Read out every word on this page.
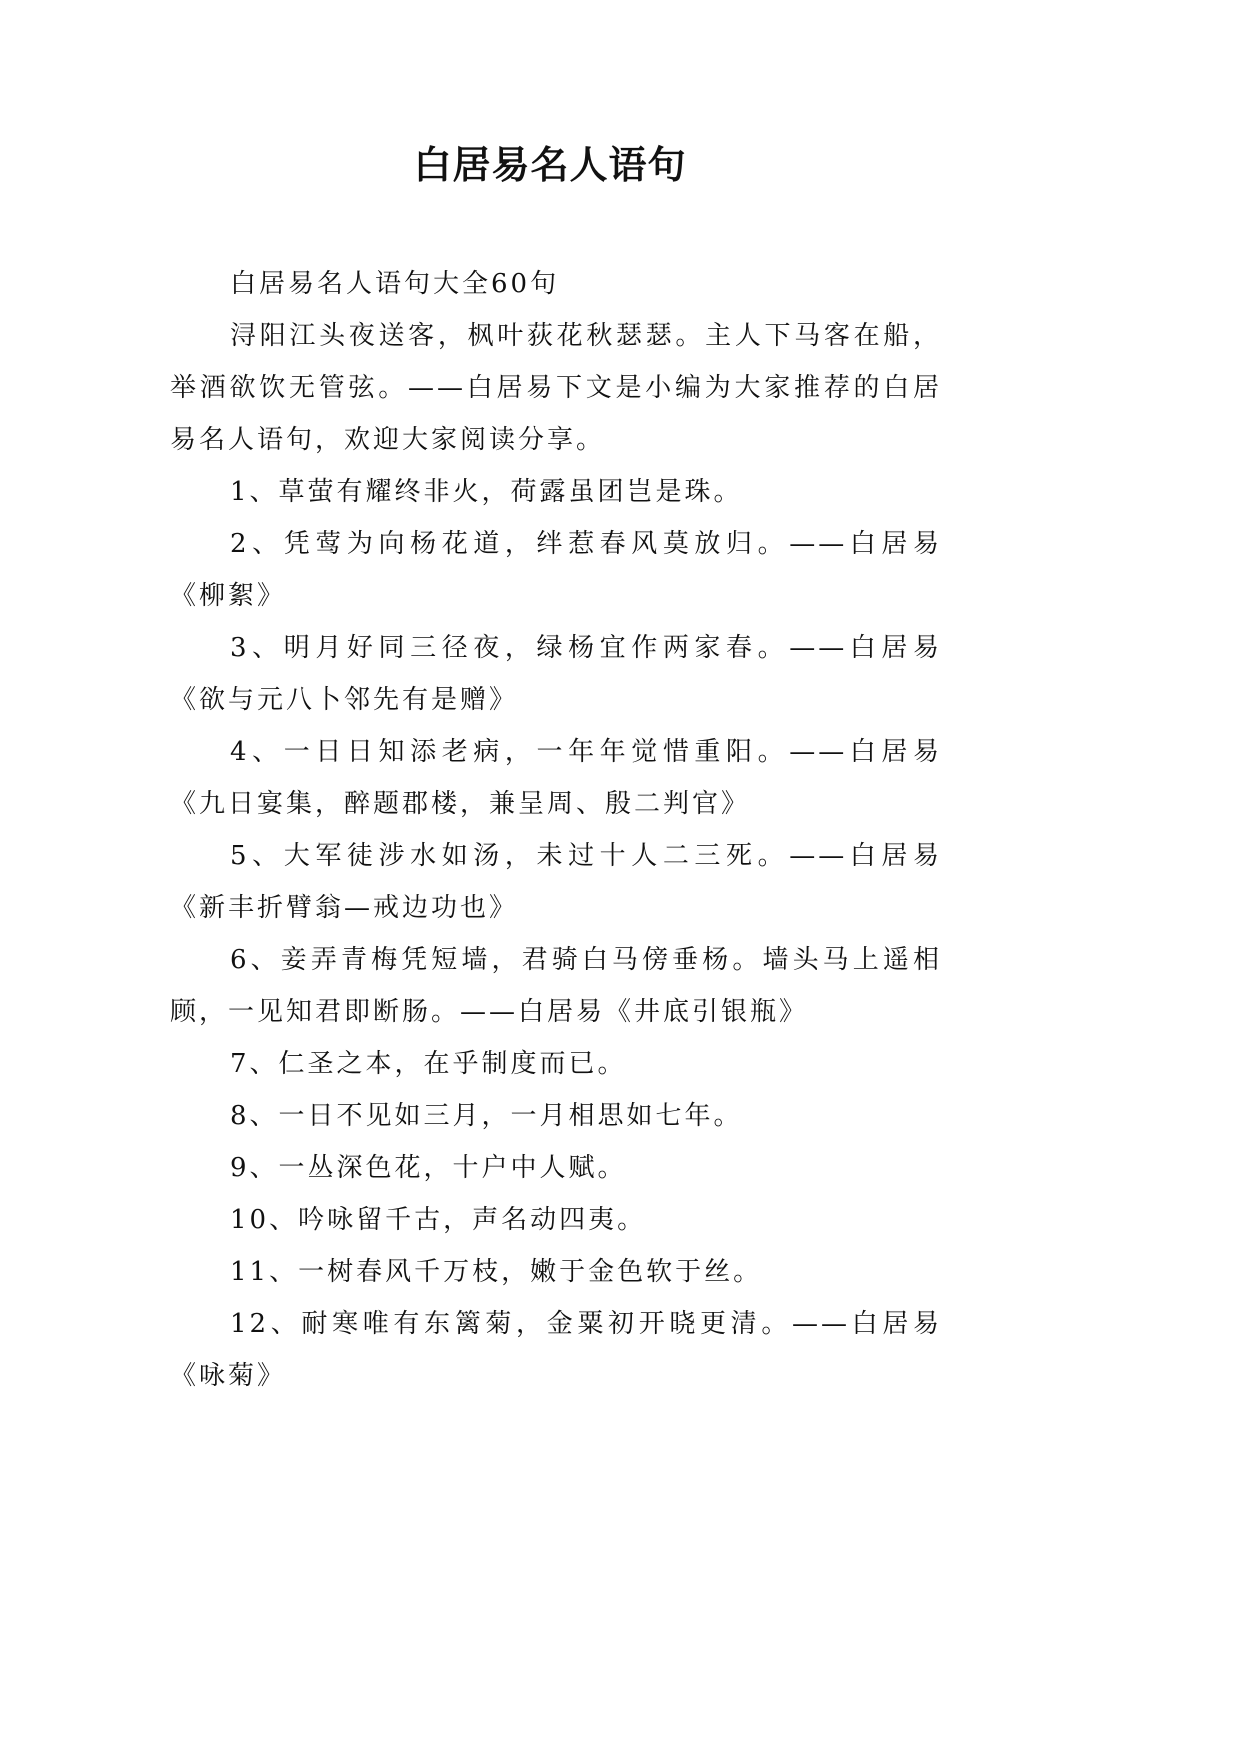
白居易名人语句

白居易名人语句大全60句

浔阳江头夜送客，枫叶荻花秋瑟瑟。主人下马客在船，举酒欲饮无管弦。——白居易下文是小编为大家推荐的白居易名人语句，欢迎大家阅读分享。

1、草萤有耀终非火，荷露虽团岂是珠。

2、凭莺为向杨花道，绊惹春风莫放归。——白居易《柳絮》

3、明月好同三径夜，绿杨宜作两家春。——白居易《欲与元八卜邻先有是赠》

4、一日日知添老病，一年年觉惜重阳。——白居易《九日宴集，醉题郡楼，兼呈周、殷二判官》

5、大军徒涉水如汤，未过十人二三死。——白居易《新丰折臂翁—戒边功也》

6、妾弄青梅凭短墙，君骑白马傍垂杨。墙头马上遥相顾，一见知君即断肠。——白居易《井底引银瓶》

7、仁圣之本，在乎制度而已。

8、一日不见如三月，一月相思如七年。

9、一丛深色花，十户中人赋。

10、吟咏留千古，声名动四夷。

11、一树春风千万枝，嫩于金色软于丝。

12、耐寒唯有东篱菊，金粟初开晓更清。——白居易《咏菊》
